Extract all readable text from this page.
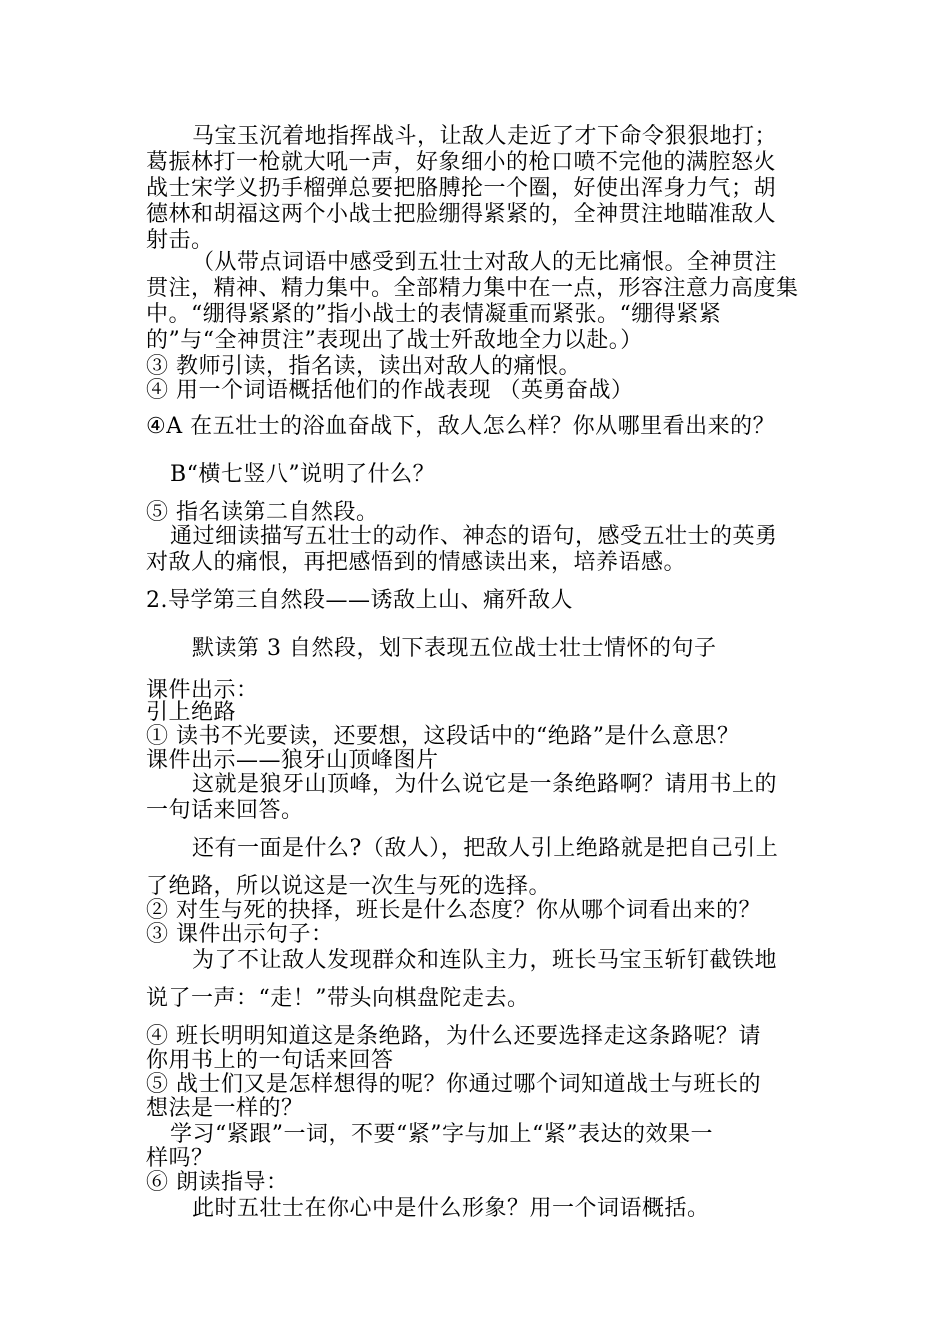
马宝玉沉着地指挥战斗，让敌人走近了才下命令狠狠地打；

葛振林打一枪就大吼一声，好象细小的枪口喷不完他的满腔怒火

战士宋学义扔手榴弹总要把胳膊抡一个圈，好使出浑身力气；胡

德林和胡福这两个小战士把脸绷得紧紧的，全神贯注地瞄准敌人

射击。

（从带点词语中感受到五壮士对敌人的无比痛恨。全神贯注

贯注，精神、精力集中。全部精力集中在一点，形容注意力高度集

中。“绷得紧紧的”指小战士的表情凝重而紧张。“绷得紧紧

的”与“全神贯注”表现出了战士歼敌地全力以赴。）

③ 教师引读，指名读，读出对敌人的痛恨。

④ 用一个词语概括他们的作战表现 （英勇奋战）

④A 在五壮士的浴血奋战下，敌人怎么样？你从哪里看出来的？

B“横七竖八”说明了什么？

⑤ 指名读第二自然段。

通过细读描写五壮士的动作、神态的语句，感受五壮士的英勇

对敌人的痛恨，再把感悟到的情感读出来，培养语感。

2.导学第三自然段——诱敌上山、痛歼敌人

默读第 3 自然段，划下表现五位战士壮士情怀的句子

课件出示：

引上绝路

① 读书不光要读，还要想，这段话中的“绝路”是什么意思？

课件出示——狼牙山顶峰图片

这就是狼牙山顶峰，为什么说它是一条绝路啊？请用书上的

一句话来回答。

还有一面是什么?（敌人），把敌人引上绝路就是把自己引上

了绝路，所以说这是一次生与死的选择。

② 对生与死的抉择，班长是什么态度？你从哪个词看出来的？

③ 课件出示句子：

为了不让敌人发现群众和连队主力，班长马宝玉斩钉截铁地

说了一声：“走！”带头向棋盘陀走去。

④ 班长明明知道这是条绝路，为什么还要选择走这条路呢？请

你用书上的一句话来回答

⑤ 战士们又是怎样想得的呢？你通过哪个词知道战士与班长的

想法是一样的？

学习“紧跟”一词，不要“紧”字与加上“紧”表达的效果一

样吗？

⑥ 朗读指导：

此时五壮士在你心中是什么形象？用一个词语概括。
